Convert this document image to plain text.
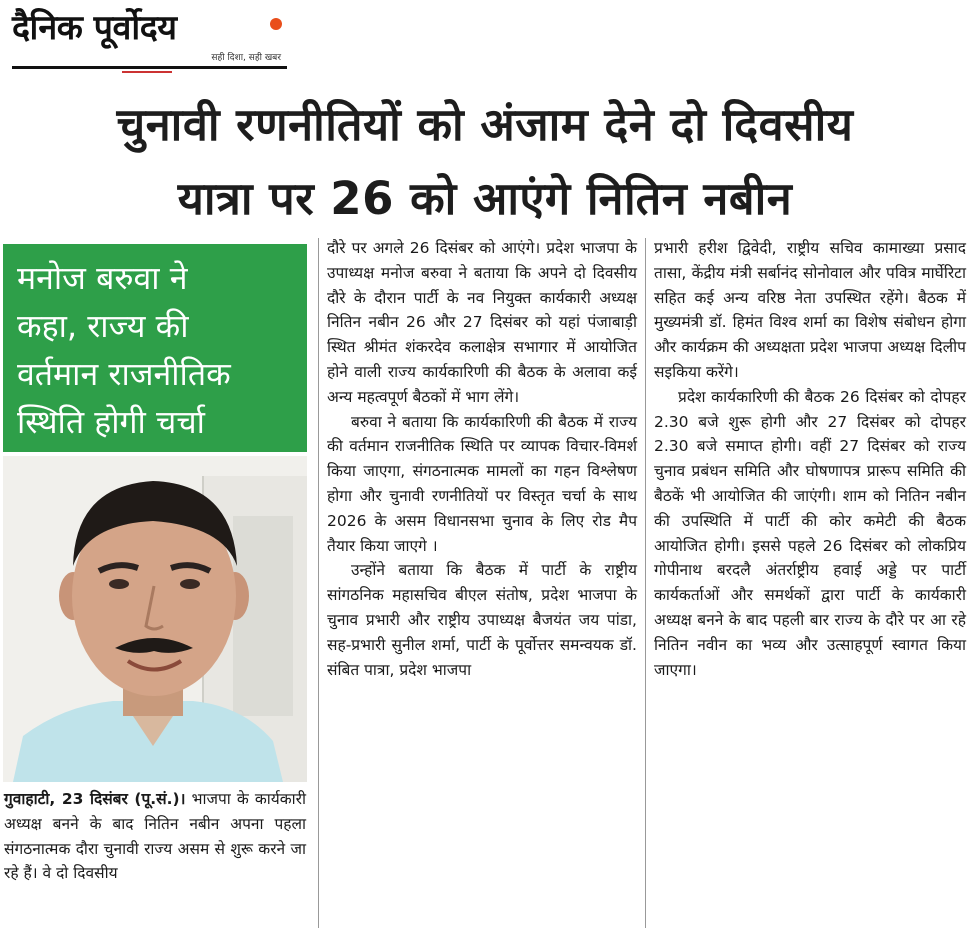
दैनिक पूर्वोदय
सही दिशा, सही खबर
चुनावी रणनीतियों को अंजाम देने दो दिवसीय
यात्रा पर 26 को आएंगे नितिन नबीन
मनोज बरुवा ने
कहा, राज्य की
वर्तमान राजनीतिक
स्थिति होगी चर्चा

गुवाहाटी, 23 दिसंबर (पू.सं.)। भाजपा के कार्यकारी अध्यक्ष बनने के बाद नितिन नबीन अपना पहला संगठनात्मक दौरा चुनावी राज्य असम से शुरू करने जा रहे हैं। वे दो दिवसीय

दौरे पर अगले 26 दिसंबर को आएंगे। प्रदेश भाजपा के उपाध्यक्ष मनोज बरुवा ने बताया कि अपने दो दिवसीय दौरे के दौरान पार्टी के नव नियुक्त कार्यकारी अध्यक्ष नितिन नबीन 26 और 27 दिसंबर को यहां पंजाबाड़ी स्थित श्रीमंत शंकरदेव कलाक्षेत्र सभागार में आयोजित होने वाली राज्य कार्यकारिणी की बैठक के अलावा कई अन्य महत्वपूर्ण बैठकों में भाग लेंगे।

बरुवा ने बताया कि कार्यकारिणी की बैठक में राज्य की वर्तमान राजनीतिक स्थिति पर व्यापक विचार-विमर्श किया जाएगा, संगठनात्मक मामलों का गहन विश्लेषण होगा और चुनावी रणनीतियों पर विस्तृत चर्चा के साथ 2026 के असम विधानसभा चुनाव के लिए रोड मैप तैयार किया जाएगे ।

उन्होंने बताया कि बैठक में पार्टी के राष्ट्रीय सांगठनिक महासचिव बीएल संतोष, प्रदेश भाजपा के चुनाव प्रभारी और राष्ट्रीय उपाध्यक्ष बैजयंत जय पांडा, सह-प्रभारी सुनील शर्मा, पार्टी के पूर्वोत्तर समन्वयक डॉ. संबित पात्रा, प्रदेश भाजपा

प्रभारी हरीश द्विवेदी, राष्ट्रीय सचिव कामाख्या प्रसाद तासा, केंद्रीय मंत्री सर्बानंद सोनोवाल और पवित्र मार्घेरिटा सहित कई अन्य वरिष्ठ नेता उपस्थित रहेंगे। बैठक में मुख्यमंत्री डॉ. हिमंत विश्व शर्मा का विशेष संबोधन होगा और कार्यक्रम की अध्यक्षता प्रदेश भाजपा अध्यक्ष दिलीप सइकिया करेंगे।

प्रदेश कार्यकारिणी की बैठक 26 दिसंबर को दोपहर 2.30 बजे शुरू होगी और 27 दिसंबर को दोपहर 2.30 बजे समाप्त होगी। वहीं 27 दिसंबर को राज्य चुनाव प्रबंधन समिति और घोषणापत्र प्रारूप समिति की बैठकें भी आयोजित की जाएंगी। शाम को नितिन नबीन की उपस्थिति में पार्टी की कोर कमेटी की बैठक आयोजित होगी। इससे पहले 26 दिसंबर को लोकप्रिय गोपीनाथ बरदलै अंतर्राष्ट्रीय हवाई अड्डे पर पार्टी कार्यकर्ताओं और समर्थकों द्वारा पार्टी के कार्यकारी अध्यक्ष बनने के बाद पहली बार राज्य के दौरे पर आ रहे नितिन नवीन का भव्य और उत्साहपूर्ण स्वागत किया जाएगा।
